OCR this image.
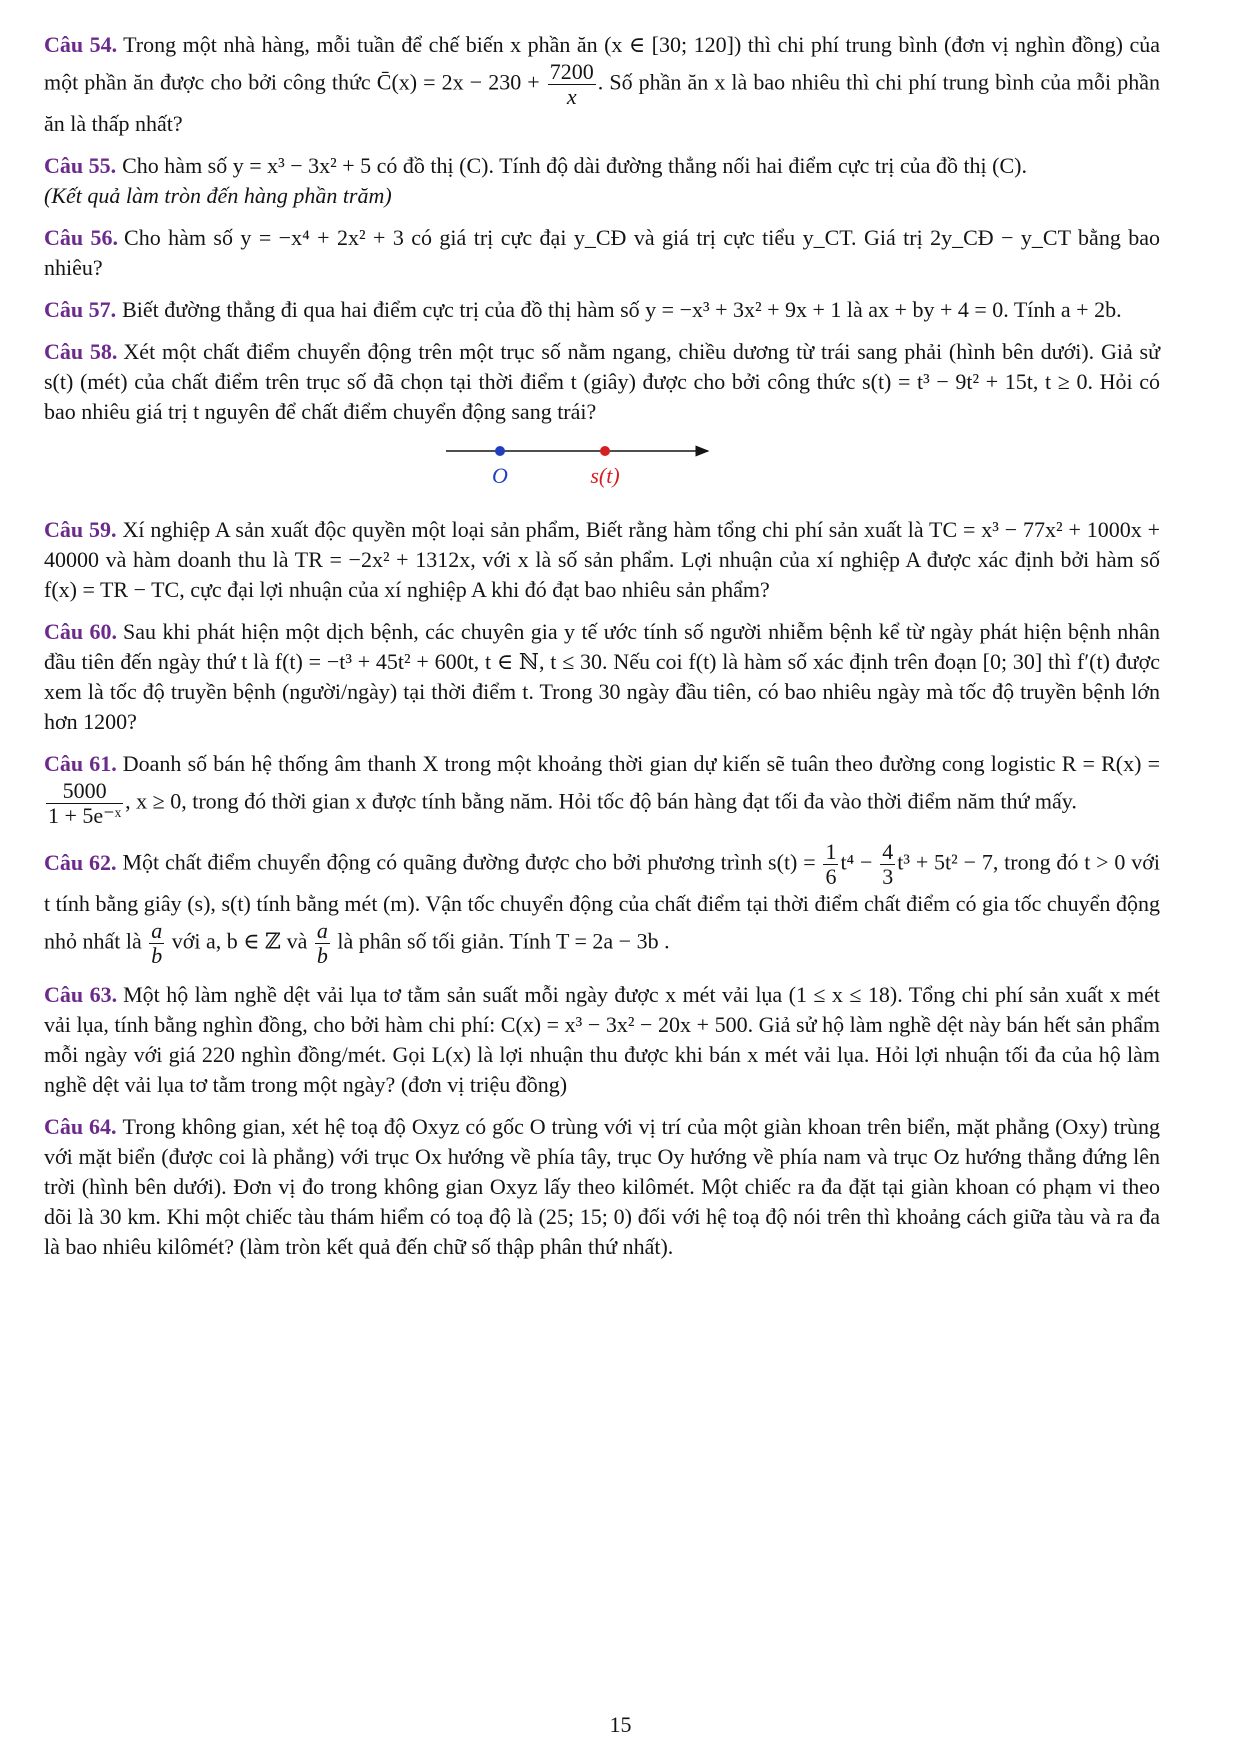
Câu 54. Trong một nhà hàng, mỗi tuần để chế biến x phần ăn (x ∈ [30; 120]) thì chi phí trung bình (đơn vị nghìn đồng) của một phần ăn được cho bởi công thức C̄(x) = $2x - 230 + \frac{7200}{x}$ . Số phần ăn x là bao nhiêu thì chi phí trung bình của mỗi phần ăn là thấp nhất?

Câu 55. Cho hàm số y = x³ − 3x² + 5 có đồ thị (C). Tính độ dài đường thẳng nối hai điểm cực trị của đồ thị (C).
(Kết quả làm tròn đến hàng phần trăm)

Câu 56. Cho hàm số y = −x⁴ + 2x² + 3 có giá trị cực đại y_CĐ và giá trị cực tiểu y_CT. Giá trị 2y_CĐ − y_CT bằng bao nhiêu?

Câu 57. Biết đường thẳng đi qua hai điểm cực trị của đồ thị hàm số y = −x³ + 3x² + 9x + 1 là ax + by + 4 = 0. Tính a + 2b.

Câu 58. Xét một chất điểm chuyển động trên một trục số nằm ngang, chiều dương từ trái sang phải (hình bên dưới). Giả sử s(t) (mét) của chất điểm trên trục số đã chọn tại thời điểm t (giây) được cho bởi công thức s(t) = t³ − 9t² + 15t, t ≥ 0. Hỏi có bao nhiêu giá trị t nguyên để chất điểm chuyển động sang trái?

O	s(t)

Câu 59. Xí nghiệp A sản xuất độc quyền một loại sản phẩm, Biết rằng hàm tổng chi phí sản xuất là TC = x³ − 77x² + 1000x + 40000 và hàm doanh thu là TR = −2x² + 1312x, với x là số sản phẩm. Lợi nhuận của xí nghiệp A được xác định bởi hàm số f(x) = TR − TC, cực đại lợi nhuận của xí nghiệp A khi đó đạt bao nhiêu sản phẩm?

Câu 60. Sau khi phát hiện một dịch bệnh, các chuyên gia y tế ước tính số người nhiễm bệnh kể từ ngày phát hiện bệnh nhân đầu tiên đến ngày thứ t là f(t) = −t³ + 45t² + 600t, t ∈ ℕ, t ≤ 30. Nếu coi f(t) là hàm số xác định trên đoạn [0; 30] thì f′(t) được xem là tốc độ truyền bệnh (người/ngày) tại thời điểm t. Trong 30 ngày đầu tiên, có bao nhiêu ngày mà tốc độ truyền bệnh lớn hơn 1200?

Câu 61. Doanh số bán hệ thống âm thanh X trong một khoảng thời gian dự kiến sẽ tuân theo đường cong logistic R = R(x) =
$\frac{5000}{\text{1 + 5e⁻ˣ}}$ , x ≥ 0, trong đó thời gian x được tính bằng năm. Hỏi tốc độ bán hàng đạt tối đa vào thời điểm năm thứ mấy.

Câu 62. Một chất điểm chuyển động có quãng đường được cho bởi phương trình $s(t) = \frac{1}{6} t^4 - \frac{4}{3} t^3 + 5t^2 - 7$, trong đó t > 0 với t tính bằng giây (s), s(t) tính bằng mét (m). Vận tốc chuyển động của chất điểm tại thời điểm chất điểm có gia tốc chuyển động nhỏ nhất là $\frac{a}{b}$ với a, b ∈ ℤ và $\frac{a}{b}$ là phân số tối giản. Tính T = 2a − 3b .

Câu 63. Một hộ làm nghề dệt vải lụa tơ tằm sản suất mỗi ngày được x mét vải lụa (1 ≤ x ≤ 18). Tổng chi phí sản xuất x mét vải lụa, tính bằng nghìn đồng, cho bởi hàm chi phí: C(x) = x³ − 3x² − 20x + 500. Giả sử hộ làm nghề dệt này bán hết sản phẩm mỗi ngày với giá 220 nghìn đồng/mét. Gọi L(x) là lợi nhuận thu được khi bán x mét vải lụa. Hỏi lợi nhuận tối đa của hộ làm nghề dệt vải lụa tơ tằm trong một ngày? (đơn vị triệu đồng)

Câu 64. Trong không gian, xét hệ toạ độ Oxyz có gốc O trùng với vị trí của một giàn khoan trên biển, mặt phẳng (Oxy) trùng với mặt biển (được coi là phẳng) với trục Ox hướng về phía tây, trục Oy hướng về phía nam và trục Oz hướng thẳng đứng lên trời (hình bên dưới). Đơn vị đo trong không gian Oxyz lấy theo kilômét. Một chiếc ra đa đặt tại giàn khoan có phạm vi theo dõi là 30 km. Khi một chiếc tàu thám hiểm có toạ độ là (25; 15; 0) đối với hệ toạ độ nói trên thì khoảng cách giữa tàu và ra đa là bao nhiêu kilômét? (làm tròn kết quả đến chữ số thập phân thứ nhất).

15
